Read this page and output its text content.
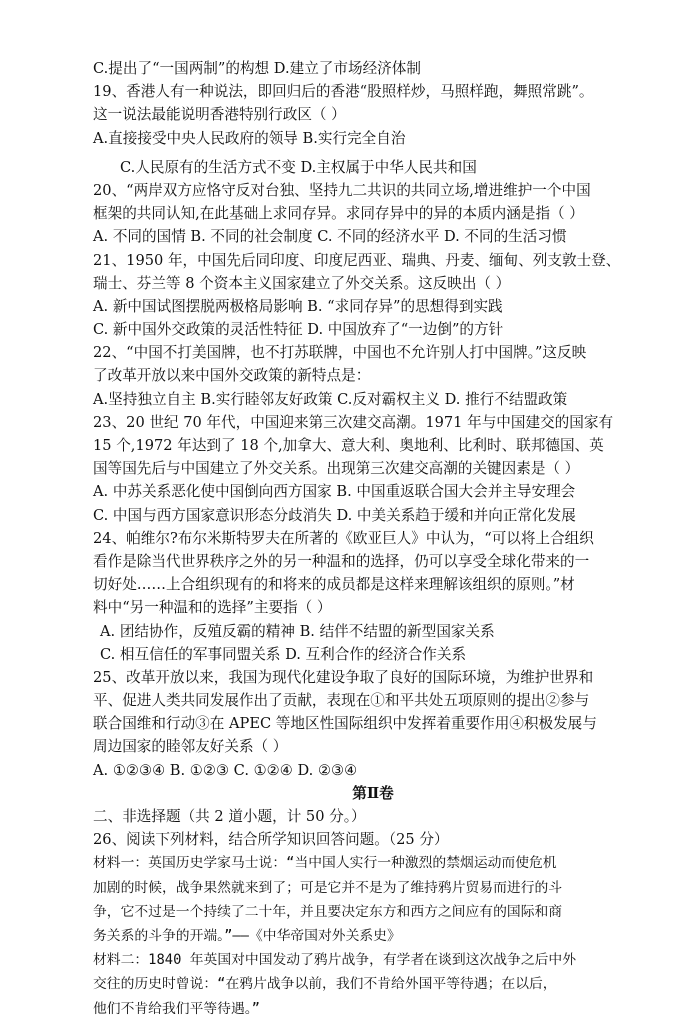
C.提出了“一国两制”的构想 D.建立了市场经济体制
19、香港人有一种说法，即回归后的香港“股照样炒，马照样跑，舞照常跳”。
这一说法最能说明香港特别行政区（ ）
A.直接接受中央人民政府的领导 B.实行完全自治
C.人民原有的生活方式不变 D.主权属于中华人民共和国
20、“两岸双方应恪守反对台独、坚持九二共识的共同立场,增进维护一个中国
框架的共同认知,在此基础上求同存异。求同存异中的异的本质内涵是指（ ）
A. 不同的国情 B. 不同的社会制度 C. 不同的经济水平 D. 不同的生活习惯
21、1950 年，中国先后同印度、印度尼西亚、瑞典、丹麦、缅甸、列支敦士登、
瑞士、芬兰等 8 个资本主义国家建立了外交关系。这反映出（ ）
A. 新中国试图摆脱两极格局影响 B. “求同存异”的思想得到实践
C. 新中国外交政策的灵活性特征 D. 中国放弃了“一边倒”的方针
22、“中国不打美国牌，也不打苏联牌，中国也不允许别人打中国牌。”这反映
了改革开放以来中国外交政策的新特点是：
A.坚持独立自主 B.实行睦邻友好政策 C.反对霸权主义 D. 推行不结盟政策
23、20 世纪 70 年代，中国迎来第三次建交高潮。1971 年与中国建交的国家有
15 个,1972 年达到了 18 个,加拿大、意大利、奥地利、比利时、联邦德国、英
国等国先后与中国建立了外交关系。出现第三次建交高潮的关键因素是（ ）
A. 中苏关系恶化使中国倒向西方国家 B. 中国重返联合国大会并主导安理会
C. 中国与西方国家意识形态分歧消失 D. 中美关系趋于缓和并向正常化发展
24、帕维尔?布尔米斯特罗夫在所著的《欧亚巨人》中认为，“可以将上合组织
看作是除当代世界秩序之外的另一种温和的选择，仍可以享受全球化带来的一
切好处……上合组织现有的和将来的成员都是这样来理解该组织的原则。”材
料中“另一种温和的选择”主要指（ ）
A. 团结协作，反殖反霸的精神 B. 结伴不结盟的新型国家关系
C. 相互信任的军事同盟关系 D. 互利合作的经济合作关系
25、改革开放以来，我国为现代化建设争取了良好的国际环境，为维护世界和
平、促进人类共同发展作出了贡献，表现在①和平共处五项原则的提出②参与
联合国维和行动③在 APEC 等地区性国际组织中发挥着重要作用④积极发展与
周边国家的睦邻友好关系（ ）
A. ①②③④ B. ①②③ C. ①②④ D. ②③④
第Ⅱ卷
二、非选择题（共 2 道小题，计 50 分。）
26、阅读下列材料，结合所学知识回答问题。（25 分）
材料一：英国历史学家马士说：“当中国人实行一种激烈的禁烟运动而使危机
加剧的时候，战争果然就来到了；可是它并不是为了维持鸦片贸易而进行的斗
争，它不过是一个持续了二十年，并且要决定东方和西方之间应有的国际和商
务关系的斗争的开端。”——《中华帝国对外关系史》
材料二：1840 年英国对中国发动了鸦片战争，有学者在谈到这次战争之后中外
交往的历史时曾说：“在鸦片战争以前，我们不肯给外国平等待遇；在以后，
他们不肯给我们平等待遇。”
